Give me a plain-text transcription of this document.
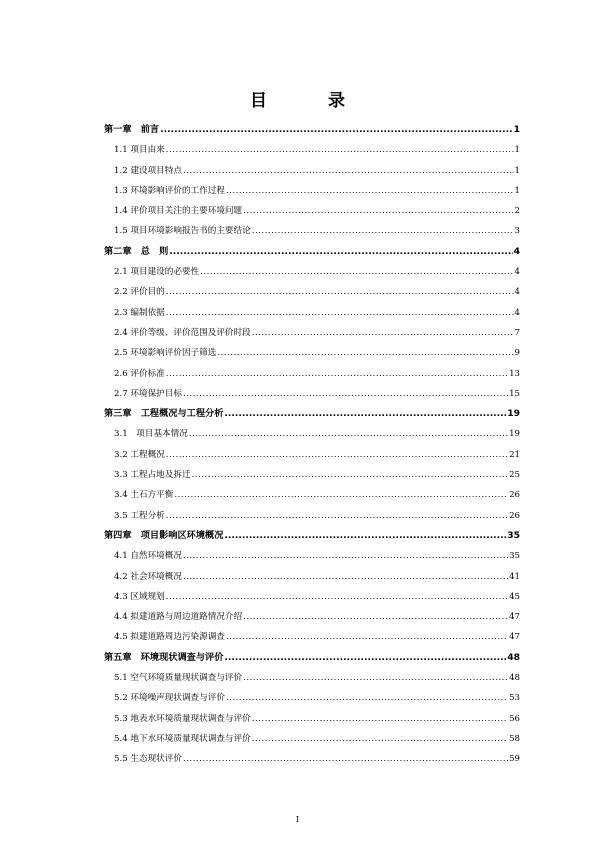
目　录
第一章　前言 .....	1
1.1 项目由来 .....	1
1.2 建设项目特点 .....	1
1.3 环境影响评价的工作过程 .....	1
1.4 评价项目关注的主要环境问题 .....	2
1.5 项目环境影响报告书的主要结论 .....	3
第二章　总　则 .....	4
2.1 项目建设的必要性 .....	4
2.2 评价目的 .....	4
2.3 编制依据 .....	4
2.4 评价等级、评价范围及评价时段 .....	7
2.5 环境影响评价因子筛选 .....	9
2.6 评价标准 .....	13
2.7 环境保护目标 .....	15
第三章　工程概况与工程分析 .....	19
3.1　项目基本情况 .....	19
3.2 工程概况 .....	21
3.3 工程占地及拆迁 .....	25
3.4 土石方平衡 .....	26
3.5 工程分析 .....	26
第四章　项目影响区环境概况 .....	35
4.1 自然环境概况 .....	35
4.2 社会环境概况 .....	41
4.3 区域规划 .....	45
4.4 拟建道路与周边道路情况介绍 .....	47
4.5 拟建道路周边污染源调查 .....	47
第五章　环境现状调查与评价 .....	48
5.1 空气环境质量现状调查与评价 .....	48
5.2 环境噪声现状调查与评价 .....	53
5.3 地表水环境质量现状调查与评价 .....	56
5.4 地下水环境质量现状调查与评价 .....	58
5.5 生态现状评价 .....	59
I
